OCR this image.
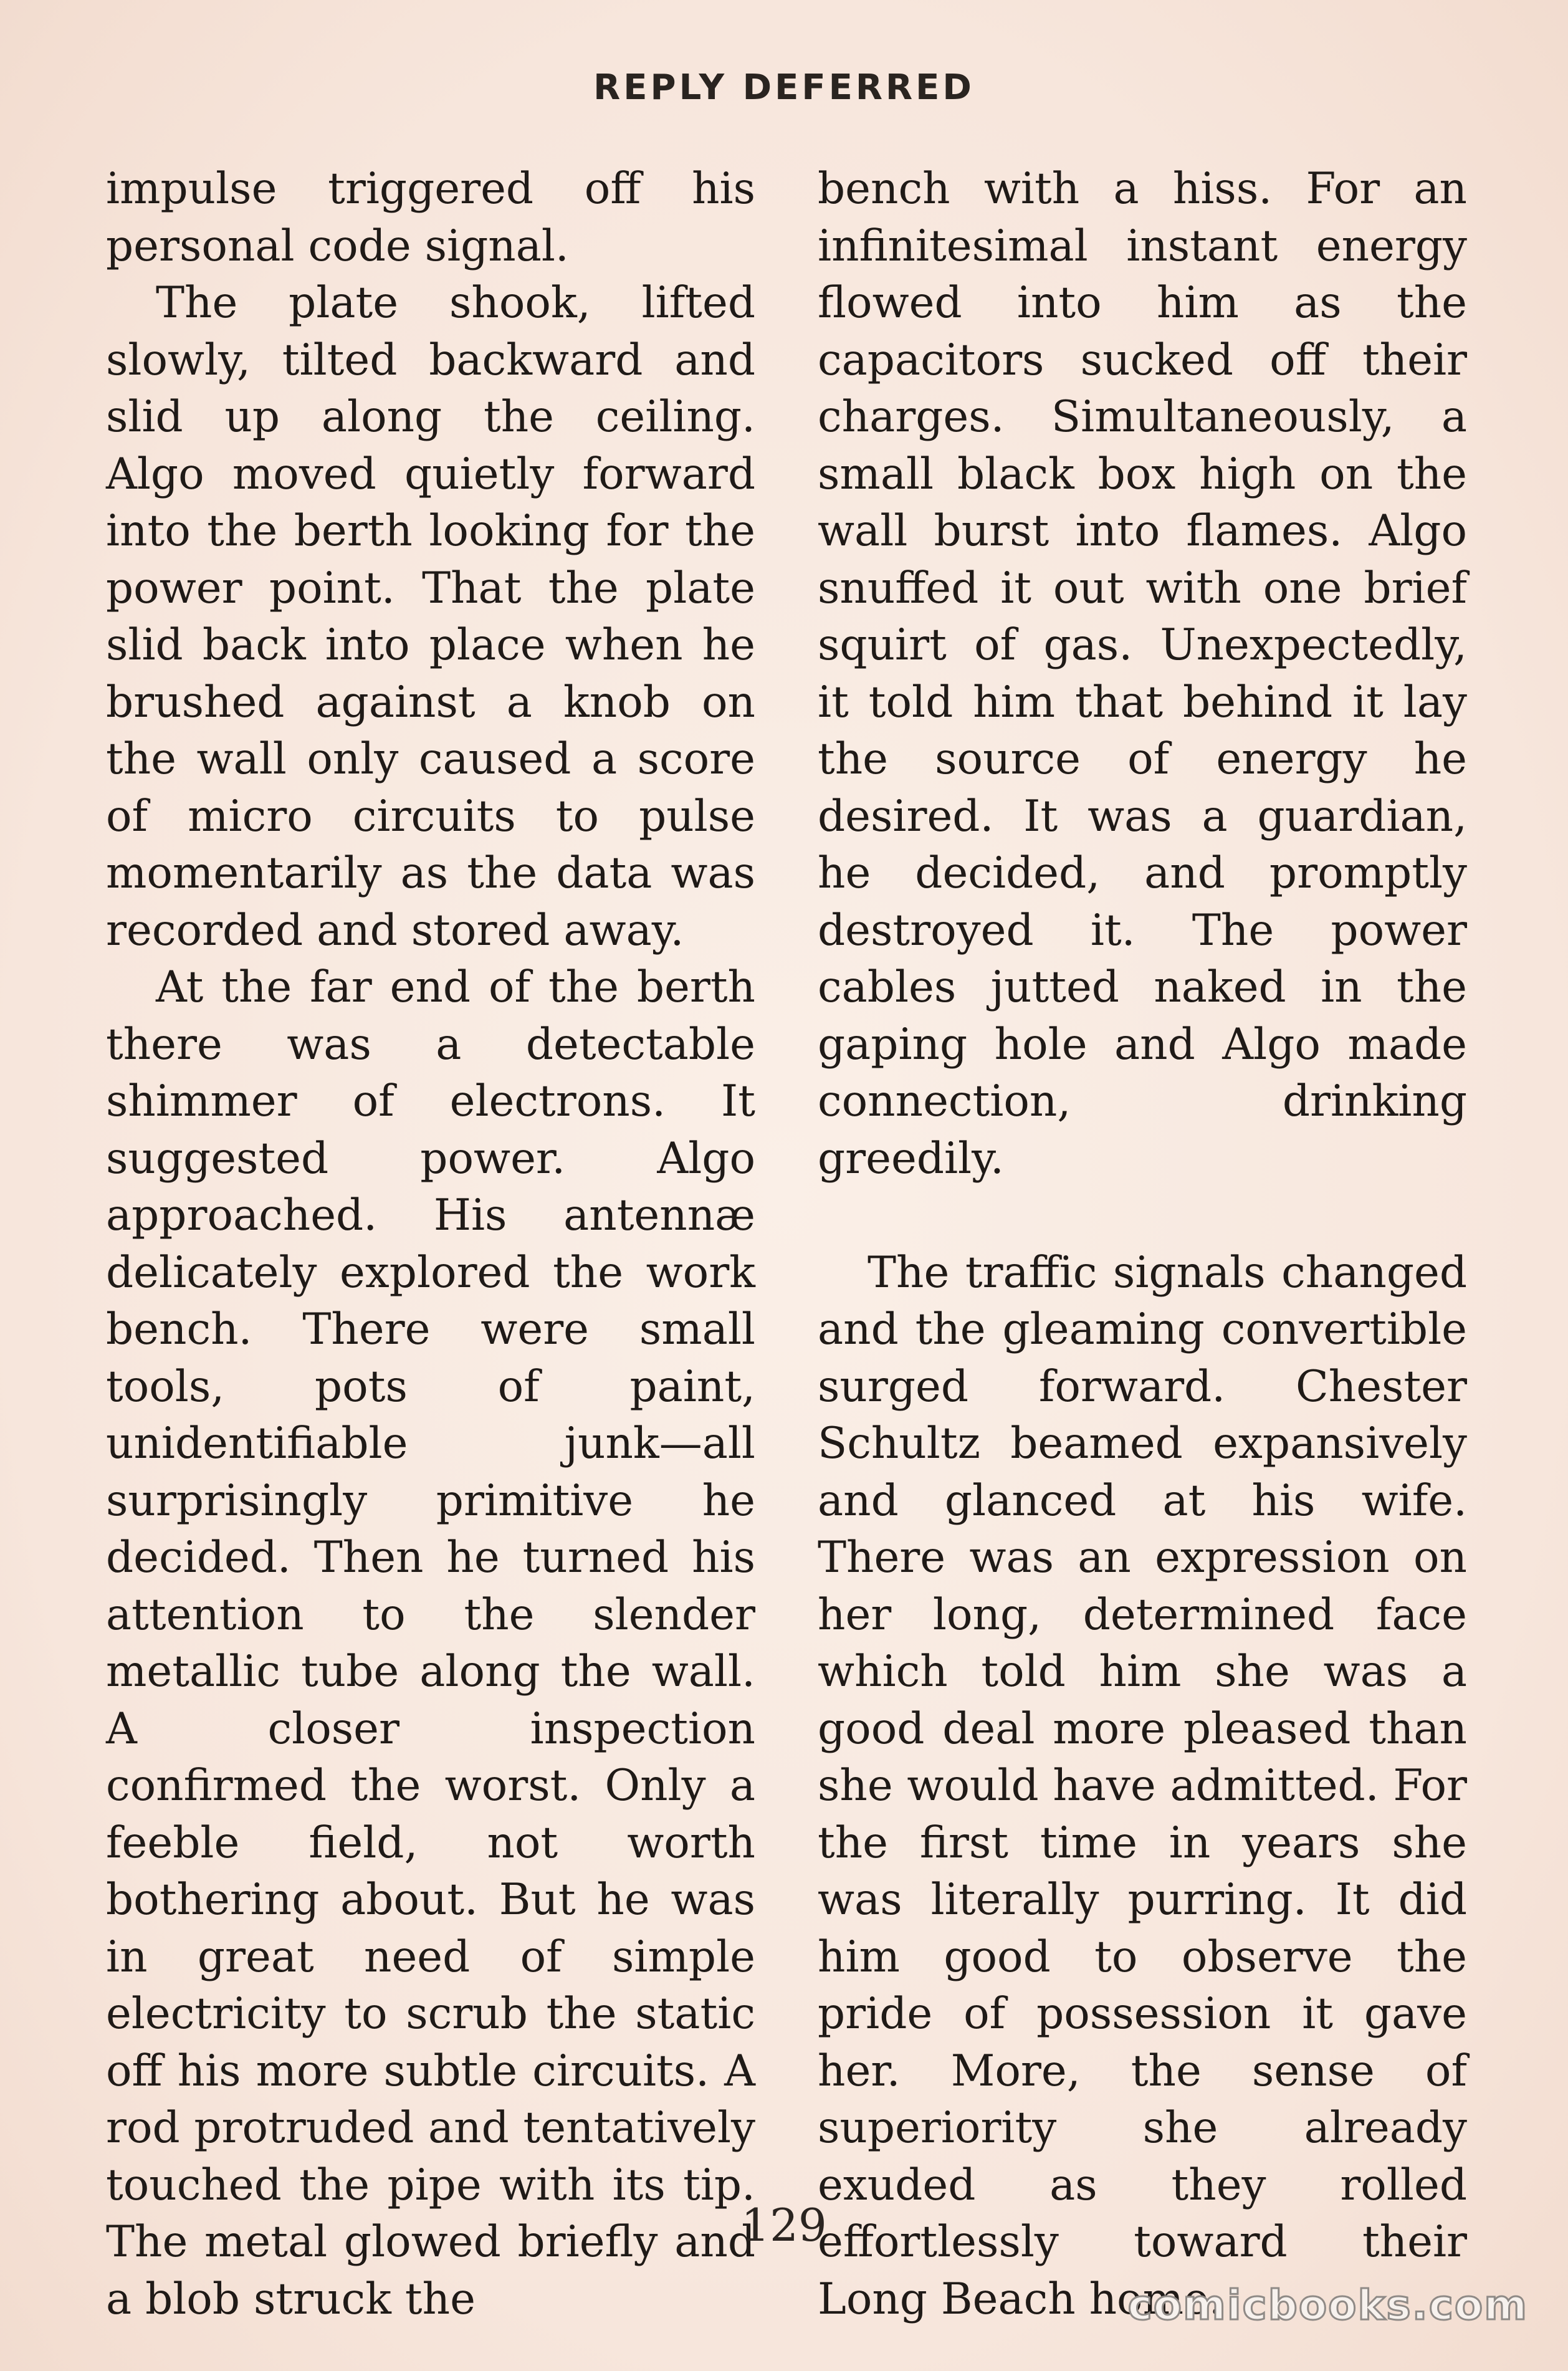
REPLY DEFERRED

impulse triggered off his personal code signal.

The plate shook, lifted slowly, tilted backward and slid up along the ceiling. Algo moved quietly forward into the berth looking for the power point. That the plate slid back into place when he brushed against a knob on the wall only caused a score of micro circuits to pulse momentarily as the data was recorded and stored away.

At the far end of the berth there was a detectable shimmer of electrons. It suggested power. Algo approached. His antennæ delicately explored the work bench. There were small tools, pots of paint, unidentifiable junk—all surprisingly primitive he decided. Then he turned his attention to the slender metallic tube along the wall. A closer inspection confirmed the worst. Only a feeble field, not worth bothering about. But he was in great need of simple electricity to scrub the static off his more subtle circuits. A rod protruded and tentatively touched the pipe with its tip. The metal glowed briefly and a blob struck the

bench with a hiss. For an infinitesimal instant energy flowed into him as the capacitors sucked off their charges. Simultaneously, a small black box high on the wall burst into flames. Algo snuffed it out with one brief squirt of gas. Unexpectedly, it told him that behind it lay the source of energy he desired. It was a guardian, he decided, and promptly destroyed it. The power cables jutted naked in the gaping hole and Algo made connection, drinking greedily.

The traffic signals changed and the gleaming convertible surged forward. Chester Schultz beamed expansively and glanced at his wife. There was an expression on her long, determined face which told him she was a good deal more pleased than she would have admitted. For the first time in years she was literally purring. It did him good to observe the pride of possession it gave her. More, the sense of superiority she already exuded as they rolled effortlessly toward their Long Beach home.

129
comicbooks.com
